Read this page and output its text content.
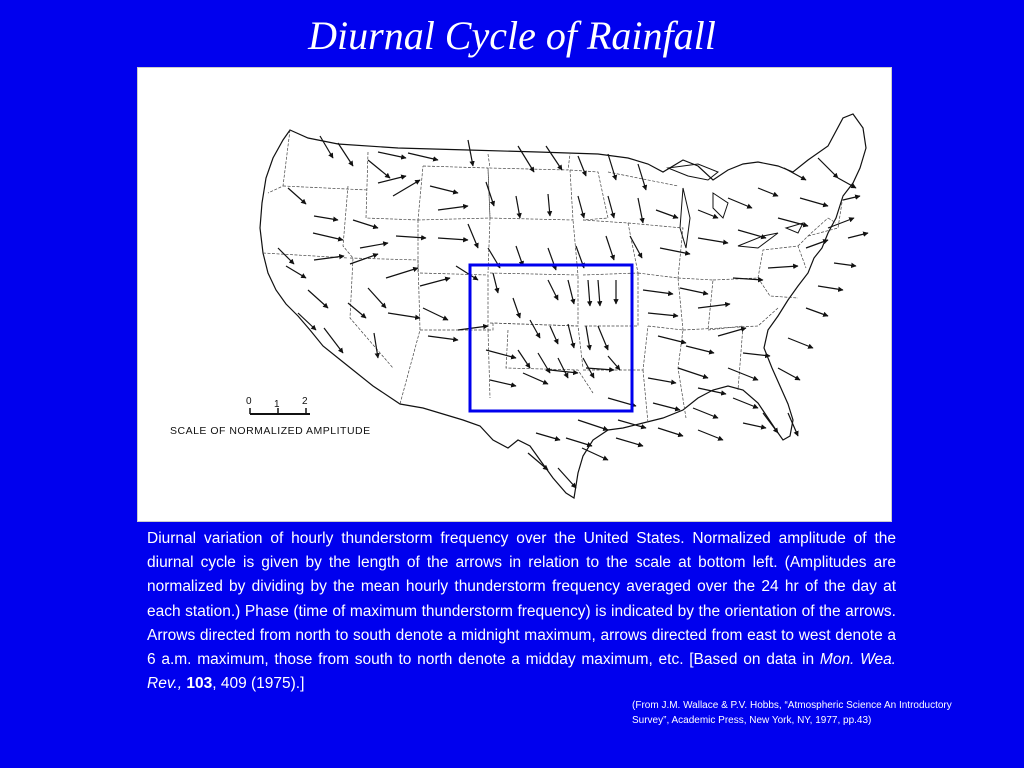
Diurnal Cycle of Rainfall
0 1 2
SCALE OF NORMALIZED AMPLITUDE
Diurnal variation of hourly thunderstorm frequency over the United States. Normalized amplitude of the diurnal cycle is given by the length of the arrows in relation to the scale at bottom left. (Amplitudes are normalized by dividing by the mean hourly thunderstorm frequency averaged over the 24 hr of the day at each station.) Phase (time of maximum thunderstorm frequency) is indicated by the orientation of the arrows. Arrows directed from north to south denote a midnight maximum, arrows directed from east to west denote a 6 a.m. maximum, those from south to north denote a midday maximum, etc. [Based on data in Mon. Wea. Rev., 103, 409 (1975).]
(From J.M. Wallace & P.V. Hobbs, “Atmospheric Science An Introductory
Survey”, Academic Press, New York, NY, 1977, pp.43)
